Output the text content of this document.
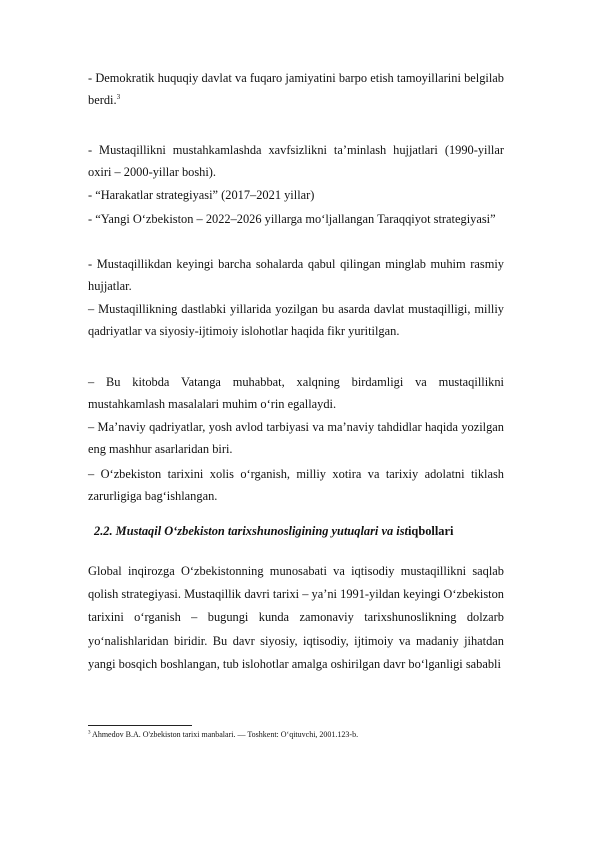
- Demokratik huquqiy davlat va fuqaro jamiyatini barpo etish tamoyillarini belgilab berdi.$^3$

- Mustaqillikni mustahkamlashda xavfsizlikni ta’minlash hujjatlari (1990-yillar oxiri – 2000-yillar boshi).

- “Harakatlar strategiyasi” (2017–2021 yillar)

- “Yangi O‘zbekiston – 2022–2026 yillarga mo‘ljallangan Taraqqiyot strategiyasi”

- Mustaqillikdan keyingi barcha sohalarda qabul qilingan minglab muhim rasmiy hujjatlar.

– Mustaqillikning dastlabki yillarida yozilgan bu asarda davlat mustaqilligi, milliy qadriyatlar va siyosiy-ijtimoiy islohotlar haqida fikr yuritilgan.

– Bu kitobda Vatanga muhabbat, xalqning birdamligi va mustaqillikni mustahkamlash masalalari muhim o‘rin egallaydi.

– Ma’naviy qadriyatlar, yosh avlod tarbiyasi va ma’naviy tahdidlar haqida yozilgan eng mashhur asarlaridan biri.

– O‘zbekiston tarixini xolis o‘rganish, milliy xotira va tarixiy adolatni tiklash zarurligiga bag‘ishlangan.

2.2. Mustaqil O‘zbekiston tarixshunosligining yutuqlari va istiqbollari

Global inqirozga O‘zbekistonning munosabati va iqtisodiy mustaqillikni saqlab qolish strategiyasi. Mustaqillik davri tarixi – ya’ni 1991-yildan keyingi O‘zbekiston tarixini o‘rganish – bugungi kunda zamonaviy tarixshunoslikning dolzarb yo‘nalishlaridan biridir. Bu davr siyosiy, iqtisodiy, ijtimoiy va madaniy jihatdan yangi bosqich boshlangan, tub islohotlar amalga oshirilgan davr bo‘lganligi sababli

$^3$ Ahmedov B.A. O'zbekiston tarixi manbalari. — Toshkent: O‘qituvchi, 2001.123-b.
